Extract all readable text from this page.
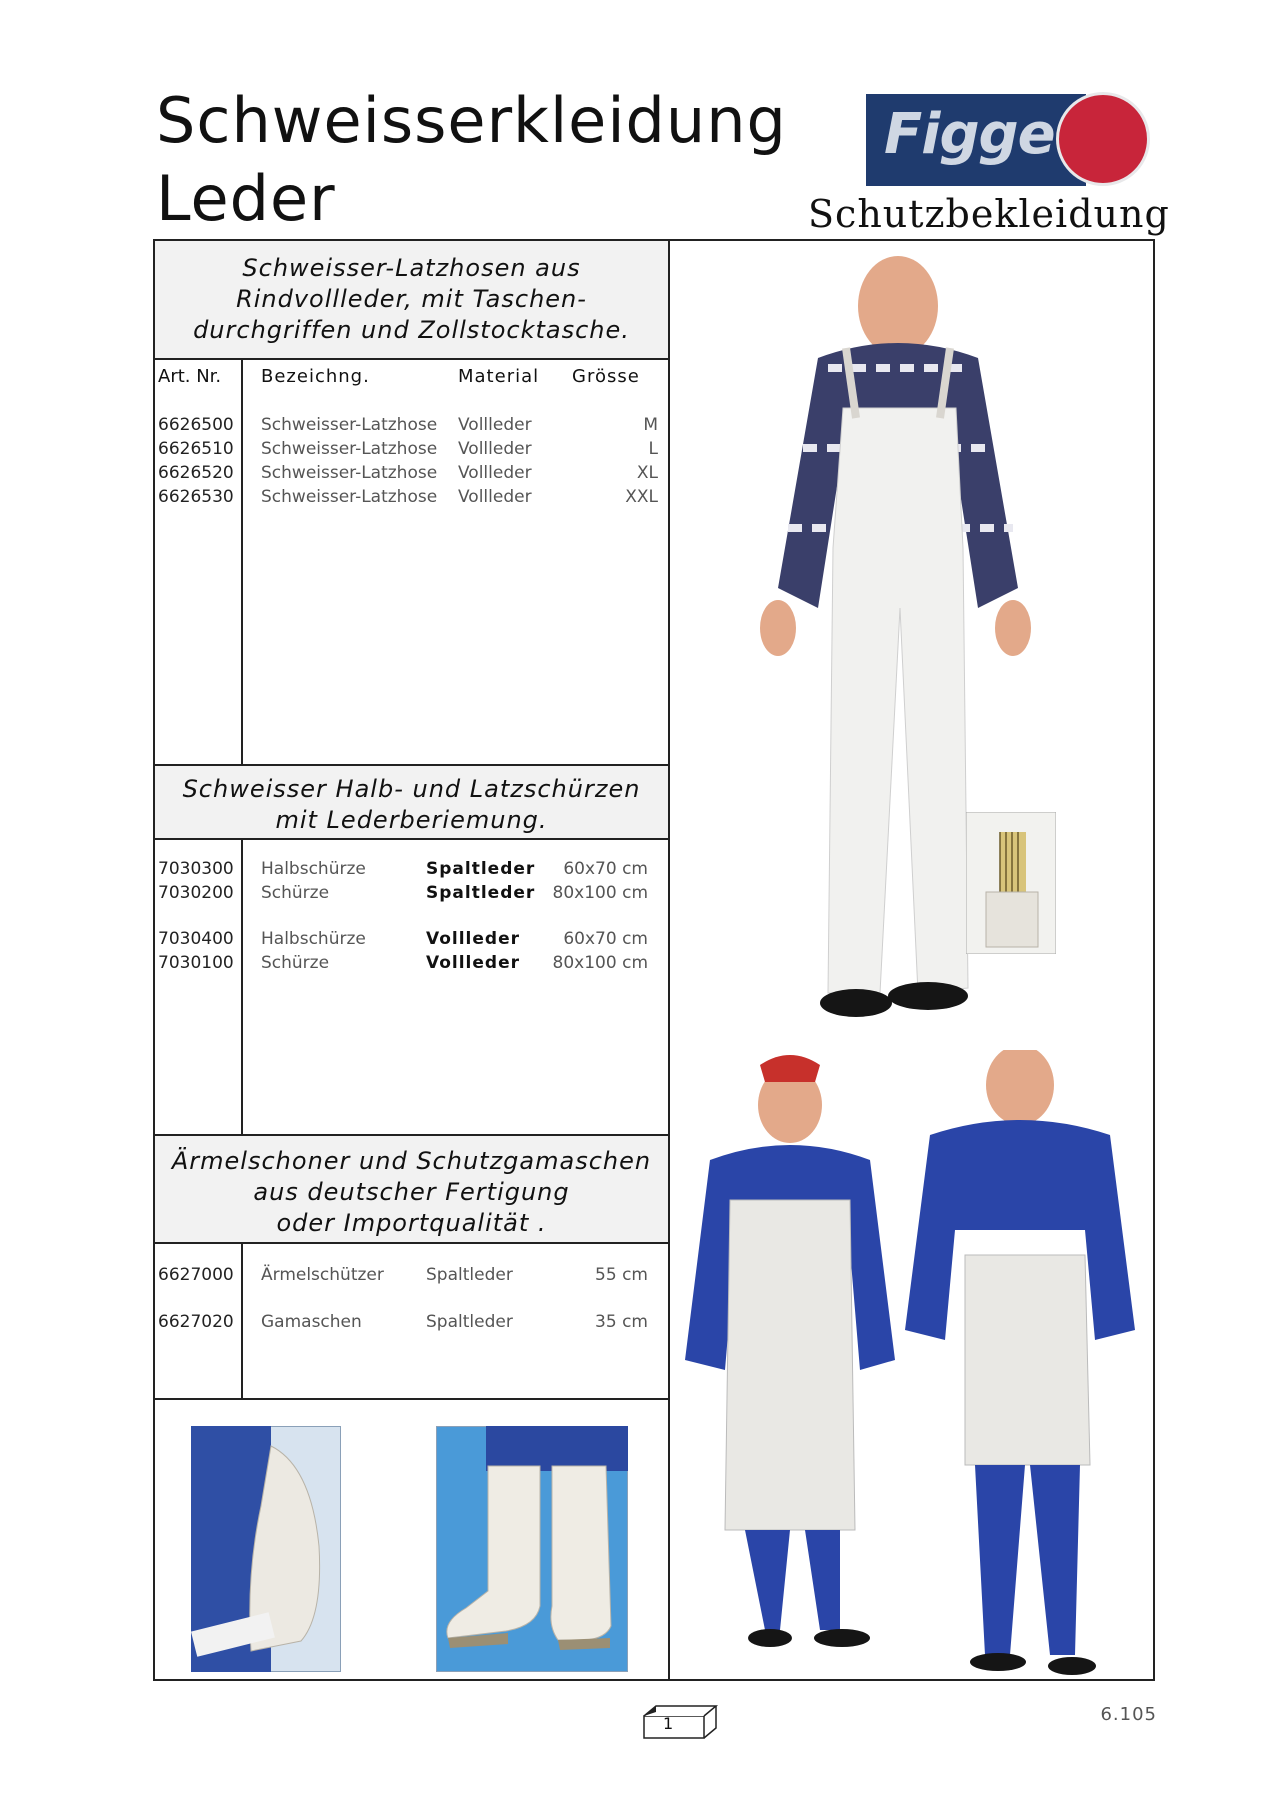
Schweisserkleidung
Leder
Figge
Schutzbekleidung
Schweisser-Latzhosen aus
Rindvollleder, mit Taschen-
durchgriffen und Zollstocktasche.
Art. Nr. Bezeichng.	Material Grösse
6626500 Schweisser-Latzhose Vollleder	M
6626510 Schweisser-Latzhose Vollleder	L
6626520 Schweisser-Latzhose Vollleder	XL
6626530 Schweisser-Latzhose Vollleder	XXL
Schweisser Halb- und Latzschürzen
mit Lederberiemung.
7030300 Halbschürze	Spaltleder 60x70 cm
7030200 Schürze	Spaltleder 80x100 cm
7030400 Halbschürze	Vollleder	60x70 cm
7030100 Schürze	Vollleder 80x100 cm
Ärmelschoner und Schutzgamaschen
aus deutscher Fertigung
oder Importqualität .
6627000 Ärmelschützer Spaltleder	55 cm
6627020 Gamaschen	Spaltleder	35 cm
1	6.105
